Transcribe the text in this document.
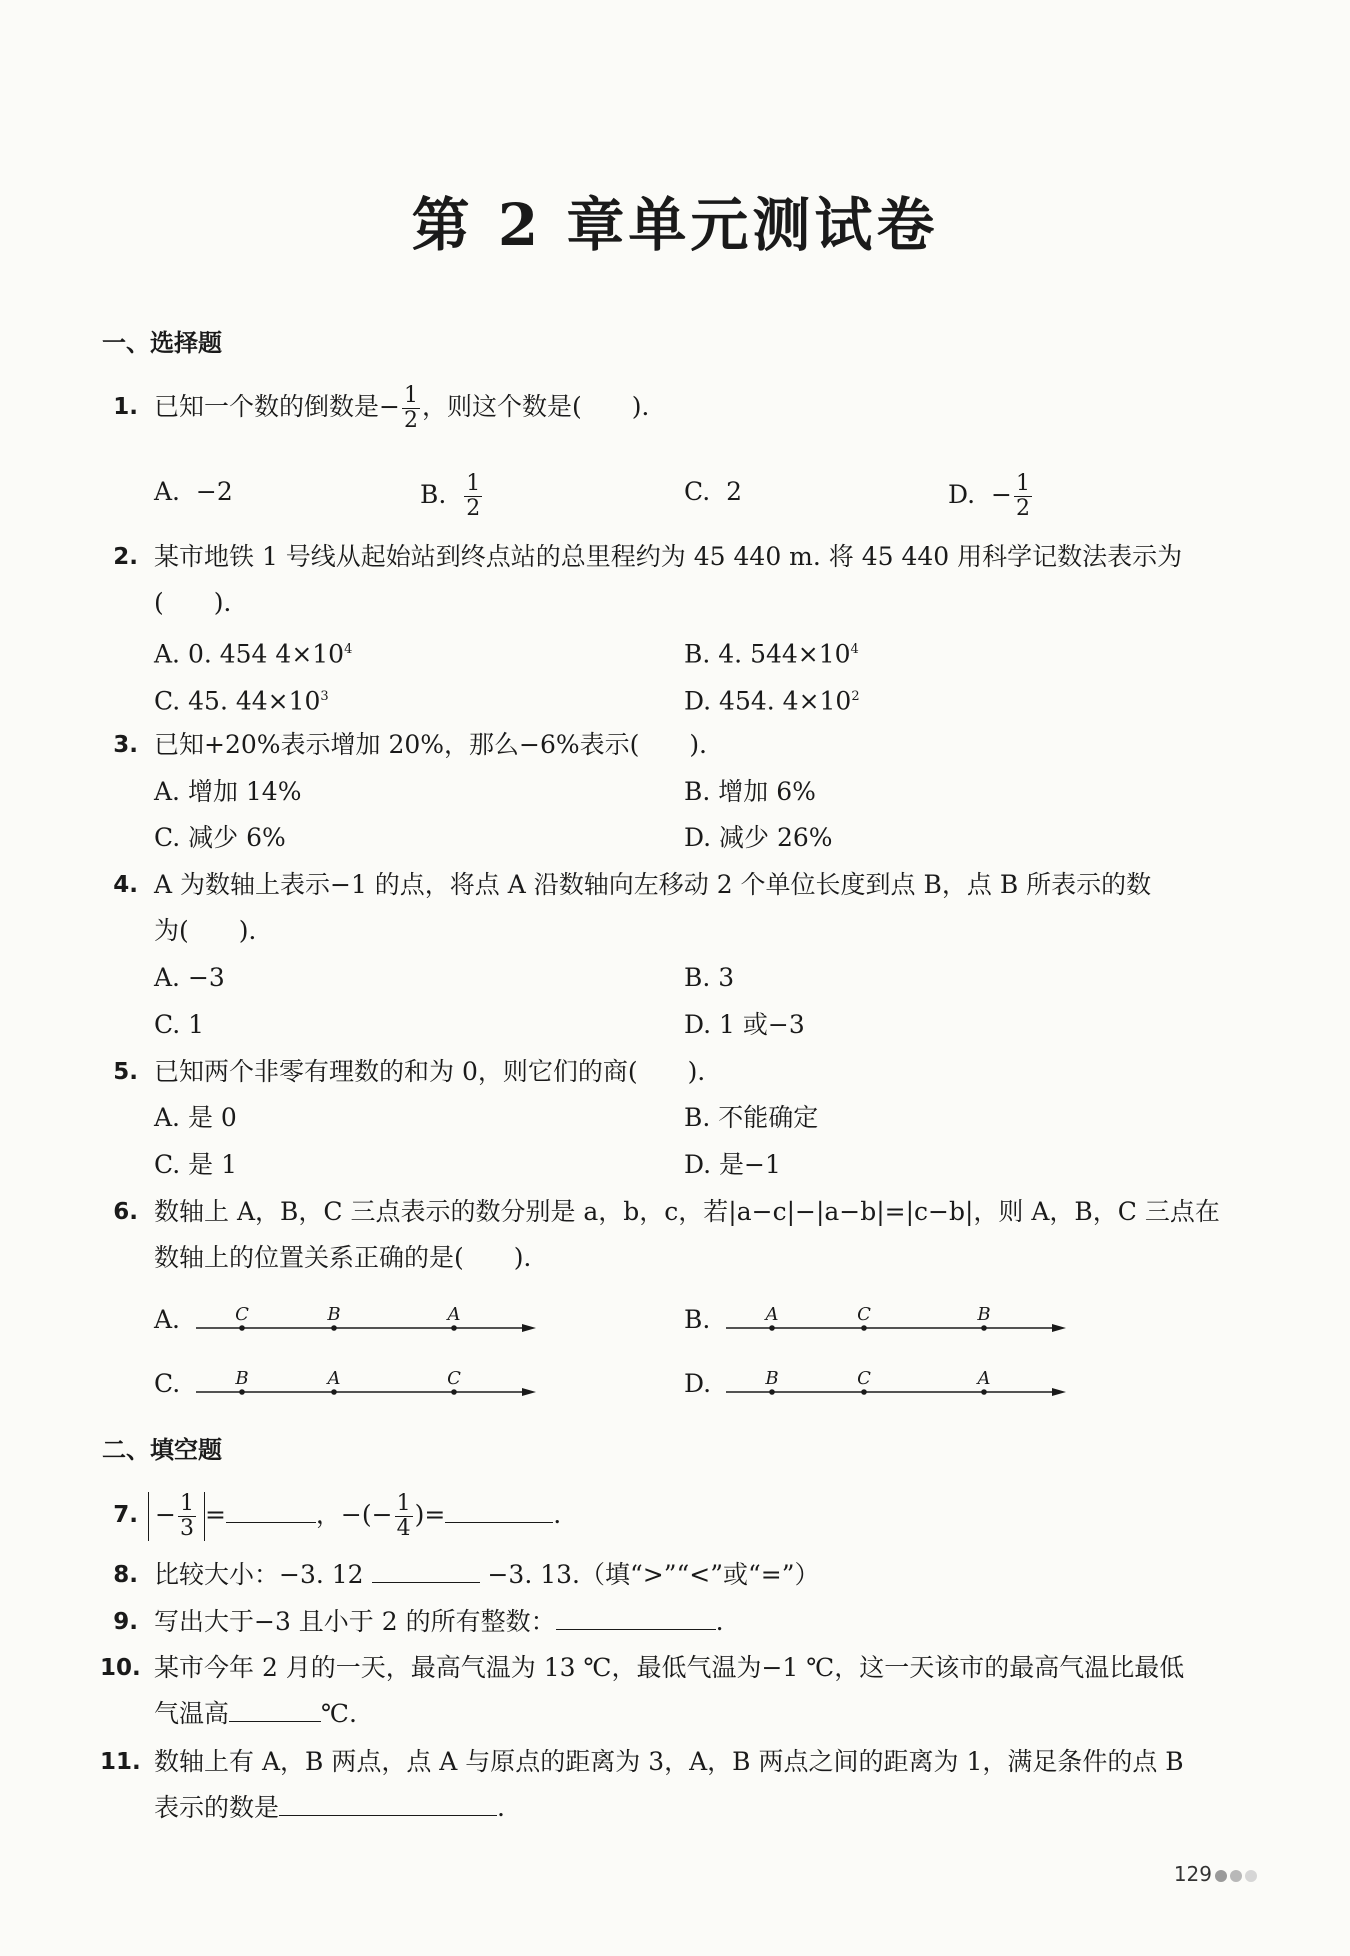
第 2 章单元测试卷
一、选择题
1. 已知一个数的倒数是− $\frac{1}{2}$ ，则这个数是(　　)．
A. −2	B. $\frac{1}{2}$	C. 2	D. − $\frac{1}{2}$
2. 某市地铁 1 号线从起始站到终点站的总里程约为 45 440 m. 将 45 440 用科学记数法表示为
(　　)．
A. 0. 454 $4\times 10^4$	B. 4. $544\times 10^4$
C. 45. $44\times 10^3$	D. 454. $4\times 10^2$
3. 已知+20%表示增加 20%，那么−6%表示(　　)．
A. 增加 14%	B. 增加 6%
C. 减少 6%	D. 减少 26%
4. A 为数轴上表示−1 的点，将点 A 沿数轴向左移动 2 个单位长度到点 B，点 B 所表示的数
为(　　)．
A. −3	B. 3
C. 1	D. 1 或−3
5. 已知两个非零有理数的和为 0，则它们的商(　　)．
A. 是 0	B. 不能确定
C. 是 1	D. 是−1
6. 数轴上 A，B，C 三点表示的数分别是 a，b，c，若|a−c|−|a−b|=|c−b|，则 A，B，C 三点在
数轴上的位置关系正确的是(　　)．
A.	C	B	A	B.	A	C	B
C.	B	A	C	D.	B	C	A
二、填空题
7. − $\frac{1}{3}$ =	，−(− $\frac{1}{4}$ )=	.
8. 比较大小：−3. 12	−3. 13.（填“>”“<”或“=”）
9. 写出大于−3 且小于 2 的所有整数：	.
10. 某市今年 2 月的一天，最高气温为 13 ℃，最低气温为−1 ℃，这一天该市的最高气温比最低
气温高	℃.
11. 数轴上有 A，B 两点，点 A 与原点的距离为 3，A，B 两点之间的距离为 1，满足条件的点 B
表示的数是	.
129
